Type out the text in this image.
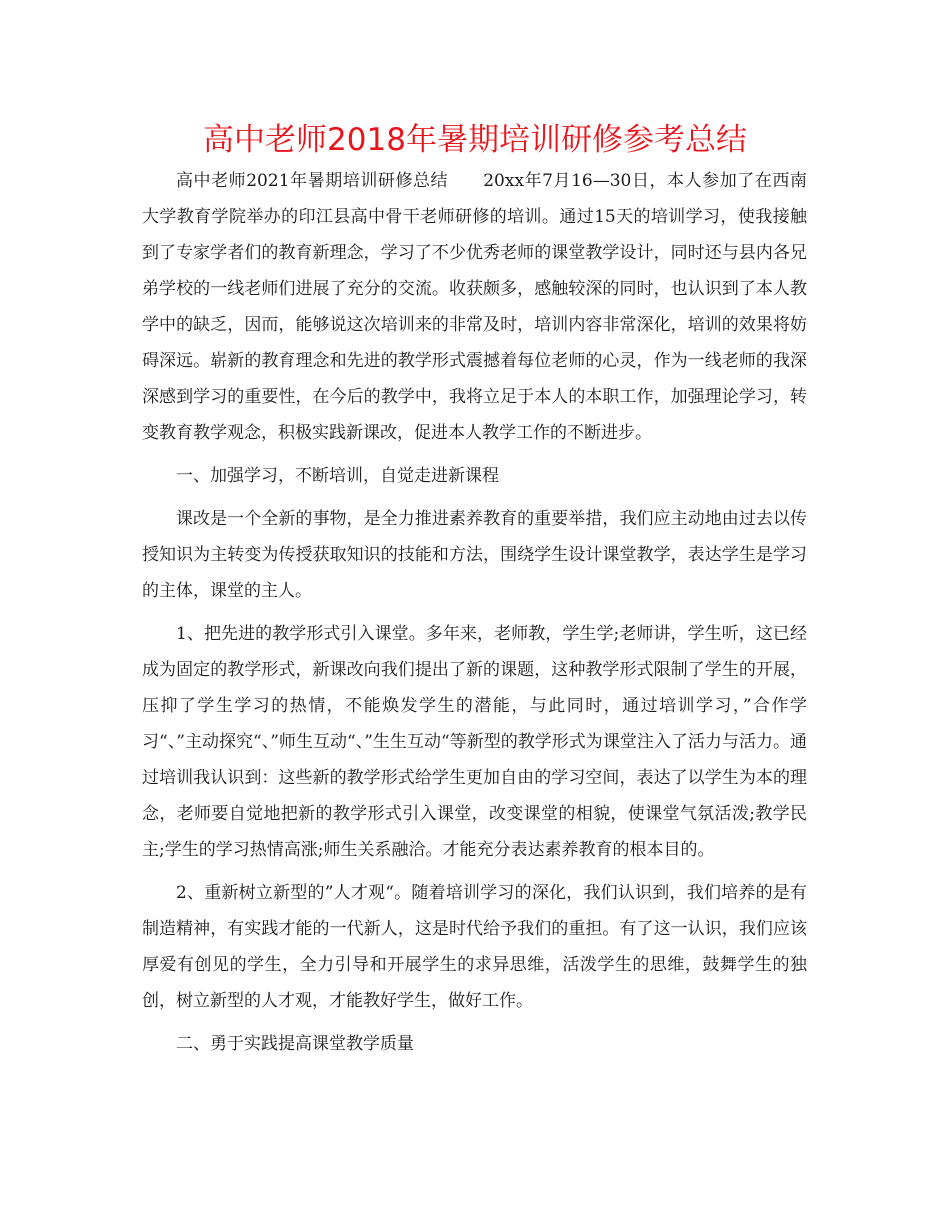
高中老师2018年暑期培训研修参考总结

高中老师2021年暑期培训研修总结　　20xx年7月16—30日，本人参加了在西南大学教育学院举办的印江县高中骨干老师研修的培训。通过15天的培训学习，使我接触到了专家学者们的教育新理念，学习了不少优秀老师的课堂教学设计，同时还与县内各兄弟学校的一线老师们进展了充分的交流。收获颇多，感触较深的同时，也认识到了本人教学中的缺乏，因而，能够说这次培训来的非常及时，培训内容非常深化，培训的效果将妨碍深远。崭新的教育理念和先进的教学形式震撼着每位老师的心灵，作为一线老师的我深深感到学习的重要性，在今后的教学中，我将立足于本人的本职工作，加强理论学习，转变教育教学观念，积极实践新课改，促进本人教学工作的不断进步。

一、加强学习，不断培训，自觉走进新课程

课改是一个全新的事物，是全力推进素养教育的重要举措，我们应主动地由过去以传授知识为主转变为传授获取知识的技能和方法，围绕学生设计课堂教学，表达学生是学习的主体，课堂的主人。

1、把先进的教学形式引入课堂。多年来，老师教，学生学;老师讲，学生听，这已经成为固定的教学形式，新课改向我们提出了新的课题，这种教学形式限制了学生的开展，压抑了学生学习的热情，不能焕发学生的潜能，与此同时，通过培训学习，”合作学习“、”主动探究“、”师生互动“、”生生互动“等新型的教学形式为课堂注入了活力与活力。通过培训我认识到：这些新的教学形式给学生更加自由的学习空间，表达了以学生为本的理念，老师要自觉地把新的教学形式引入课堂，改变课堂的相貌，使课堂气氛活泼;教学民主;学生的学习热情高涨;师生关系融洽。才能充分表达素养教育的根本目的。

2、重新树立新型的”人才观“。随着培训学习的深化，我们认识到，我们培养的是有制造精神，有实践才能的一代新人，这是时代给予我们的重担。有了这一认识，我们应该厚爱有创见的学生，全力引导和开展学生的求异思维，活泼学生的思维，鼓舞学生的独创，树立新型的人才观，才能教好学生，做好工作。

二、勇于实践提高课堂教学质量
